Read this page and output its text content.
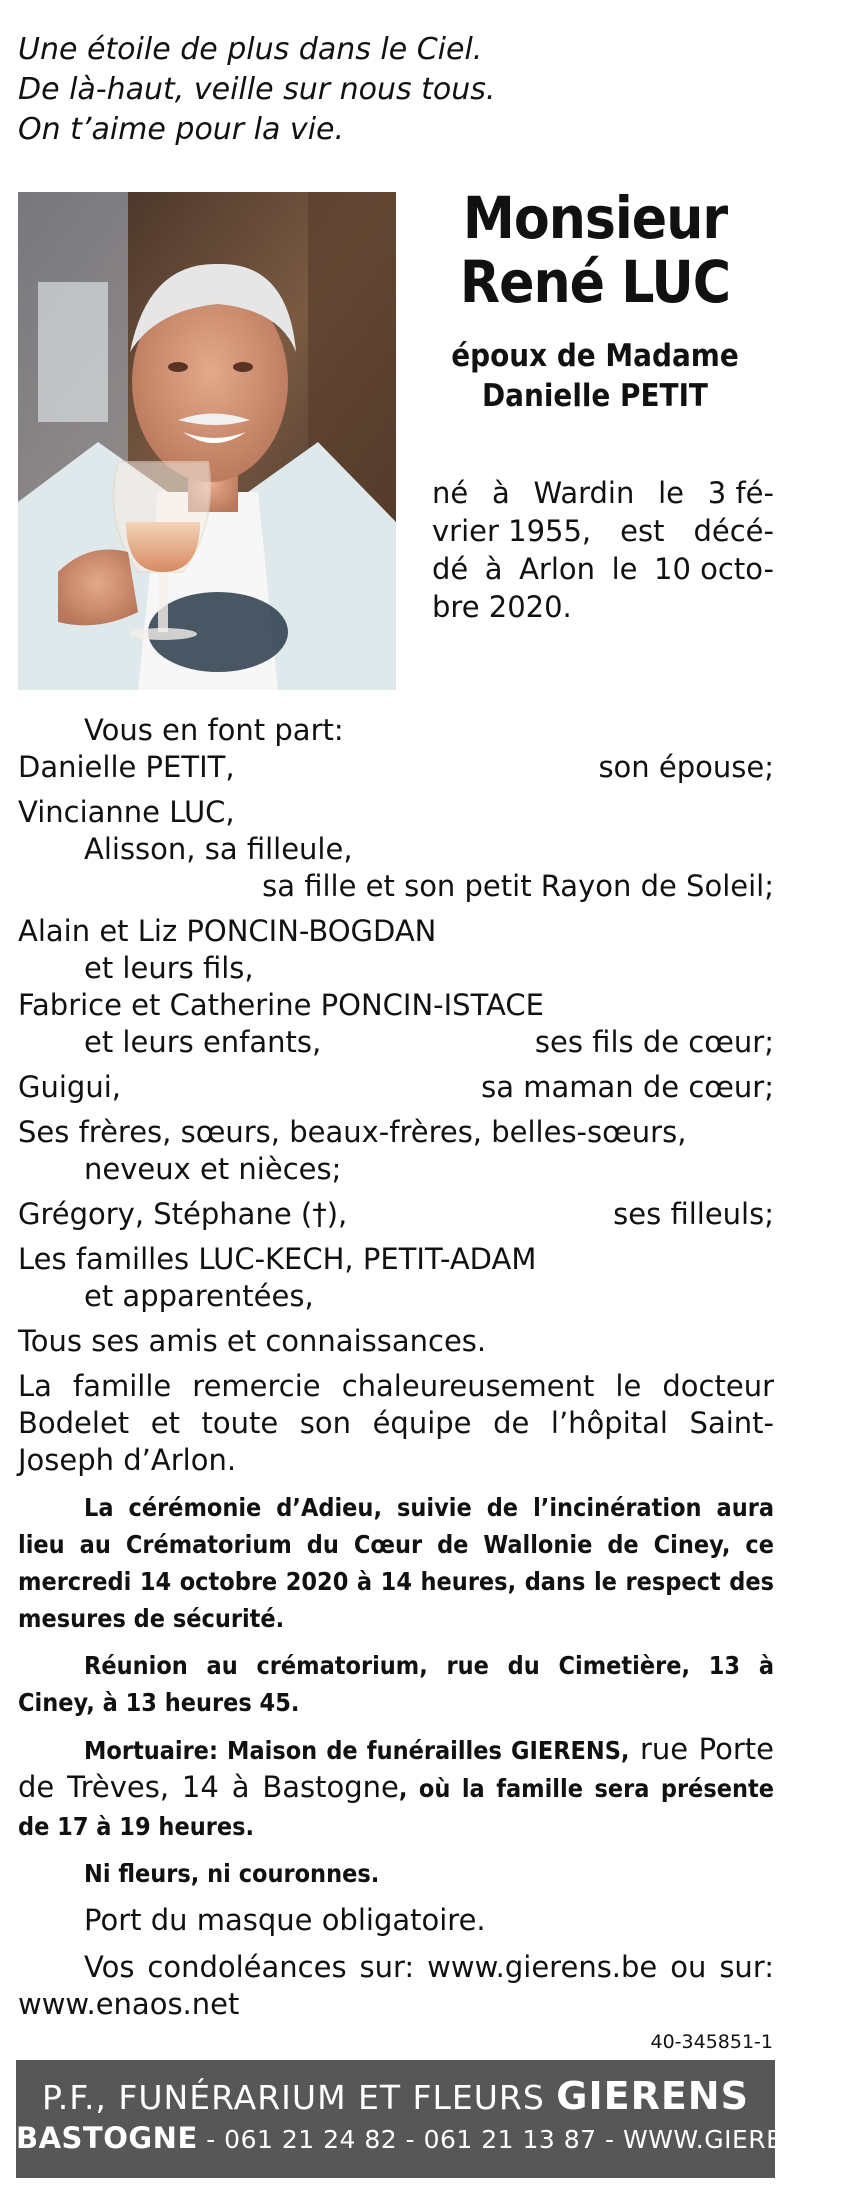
Une étoile de plus dans le Ciel.
De là-haut, veille sur nous tous.
On t’aime pour la vie.
Monsieur
René LUC
époux de Madame
Danielle PETIT
né à Wardin le 3 fé-
vrier 1955, est décé-
dé à Arlon le 10 octo-
bre 2020.
Vous en font part:
Danielle PETIT,	son épouse;
Vincianne LUC,
Alisson, sa filleule,
sa fille et son petit Rayon de Soleil;
Alain et Liz PONCIN-BOGDAN
et leurs fils,
Fabrice et Catherine PONCIN-ISTACE
et leurs enfants,	ses fils de cœur;
Guigui,	sa maman de cœur;
Ses frères, sœurs, beaux-frères, belles-sœurs,
neveux et nièces;
Grégory, Stéphane (†),	ses filleuls;
Les familles LUC-KECH, PETIT-ADAM
et apparentées,
Tous ses amis et connaissances.
La famille remercie chaleureusement le docteur Bodelet et toute son équipe de l’hôpital Saint-Joseph d’Arlon.
La cérémonie d’Adieu, suivie de l’incinération aura lieu au Crématorium du Cœur de Wallonie de Ciney, ce mercredi 14 octobre 2020 à 14 heures, dans le respect des mesures de sécurité.
Réunion au crématorium, rue du Cimetière, 13 à Ciney, à 13 heures 45.
Mortuaire: Maison de funérailles GIERENS, rue Porte de Trèves, 14 à Bastogne, où la famille sera présente de 17 à 19 heures.
Ni fleurs, ni couronnes.
Port du masque obligatoire.
Vos condoléances sur: www.gierens.be ou sur: www.enaos.net
40-345851-1
P.F., FUNÉRARIUM ET FLEURS GIERENS
BASTOGNE - 061 21 24 82 - 061 21 13 87 - WWW.GIERENS.BE
